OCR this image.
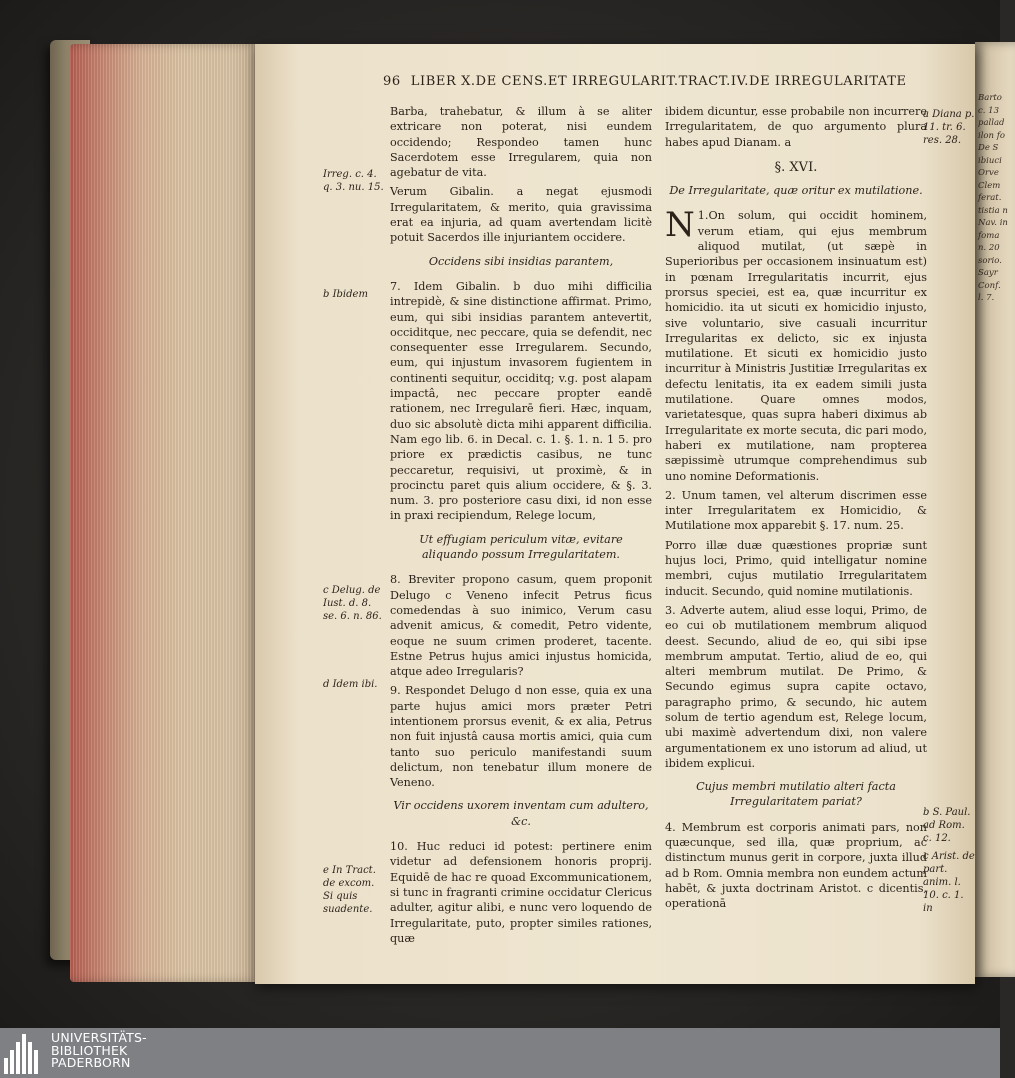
Barto c. 13 pallad ilon fo De S ibiuci Orve Clem ferat. tistia n Nav. in foma n. 20 sorio. Sayr Conf. l. 7.
96 LIBER X.DE CENS.ET IRREGULARIT.TRACT.IV.DE IRREGULARITATE

Barba, trahebatur, & illum à se aliter extricare non poterat, nisi eundem occidendo; Respondeo tamen hunc Sacerdotem esse Irregularem, quia non agebatur de vita.

Verum Gibalin. a negat ejusmodi Irregularitatem, & merito, quia gravissima erat ea injuria, ad quam avertendam licitè potuit Sacerdos ille injuriantem occidere.

Occidens sibi insidias parantem,

7. Idem Gibalin. b duo mihi difficilia intrepidè, & sine distinctione affirmat. Primo, eum, qui sibi insidias parantem antevertit, occiditque, nec peccare, quia se defendit, nec consequenter esse Irregularem. Secundo, eum, qui injustum invasorem fugientem in continenti sequitur, occiditq; v.g. post alapam impactâ, nec peccare propter eandē rationem, nec Irregularē fieri. Hæc, inquam, duo sic absolutè dicta mihi apparent difficilia. Nam ego lib. 6. in Decal. c. 1. §. 1. n. 1 5. pro priore ex prædictis casibus, ne tunc peccaretur, requisivi, ut proximè, & in procinctu paret quis alium occidere, & §. 3. num. 3. pro posteriore casu dixi, id non esse in praxi recipiendum, Relege locum,

Ut effugiam periculum vitæ, evitare aliquando possum Irregularitatem.

8. Breviter propono casum, quem proponit Delugo c Veneno infecit Petrus ficus comedendas à suo inimico, Verum casu advenit amicus, & comedit, Petro vidente, eoque ne suum crimen proderet, tacente. Estne Petrus hujus amici injustus homicida, atque adeo Irregularis?

9. Respondet Delugo d non esse, quia ex una parte hujus amici mors præter Petri intentionem prorsus evenit, & ex alia, Petrus non fuit injustâ causa mortis amici, quia cum tanto suo periculo manifestandi suum delictum, non tenebatur illum monere de Veneno.

Vir occidens uxorem inventam cum adultero, &c.

10. Huc reduci id potest: pertinere enim videtur ad defensionem honoris proprij. Equidē de hac re quoad Excommunicationem, si tunc in fragranti crimine occidatur Clericus adulter, agitur alibi, e nunc vero loquendo de Irregularitate, puto, propter similes rationes, quæ

ibidem dicuntur, esse probabile non incurrere Irregularitatem, de quo argumento plura habes apud Dianam. a

§. XVI.

De Irregularitate, quæ oritur ex mutilatione.

1.
N On solum, qui occidit hominem, verum etiam, qui ejus membrum aliquod mutilat, (ut sæpè in Superioribus per occasionem insinuatum est) in pœnam Irregularitatis incurrit, ejus prorsus speciei, est ea, quæ incurritur ex homicidio. ita ut sicuti ex homicidio injusto, sive voluntario, sive casuali incurritur Irregularitas ex delicto, sic ex injusta mutilatione. Et sicuti ex homicidio justo incurritur à Ministris Justitiæ Irregularitas ex defectu lenitatis, ita ex eadem simili justa mutilatione. Quare omnes modos, varietatesque, quas supra haberi diximus ab Irregularitate ex morte secuta, dic pari modo, haberi ex mutilatione, nam propterea sæpissimè utrumque comprehendimus sub uno nomine Deformationis.

2. Unum tamen, vel alterum discrimen esse inter Irregularitatem ex Homicidio, & Mutilatione mox apparebit §. 17. num. 25.

Porro illæ duæ quæstiones propriæ sunt hujus loci, Primo, quid intelligatur nomine membri, cujus mutilatio Irregularitatem inducit. Secundo, quid nomine mutilationis.

3. Adverte autem, aliud esse loqui, Primo, de eo cui ob mutilationem membrum aliquod deest. Secundo, aliud de eo, qui sibi ipse membrum amputat. Tertio, aliud de eo, qui alteri membrum mutilat. De Primo, & Secundo egimus supra capite octavo, paragrapho primo, & secundo, hic autem solum de tertio agendum est, Relege locum, ubi maximè advertendum dixi, non valere argumentationem ex uno istorum ad aliud, ut ibidem explicui.

Cujus membri mutilatio alteri facta Irregularitatem pariat?

4. Membrum est corporis animati pars, non quæcunque, sed illa, quæ proprium, ac distinctum munus gerit in corpore, juxta illud ad b Rom. Omnia membra non eundem actum habēt, & juxta doctrinam Aristot. c dicentis, operationā

Irreg. c. 4. q. 3. nu. 15.
b Ibidem
c Delug. de Iust. d. 8. se. 6. n. 86.
d Idem ibi.
e In Tract. de excom. Si quis suadente.
a Diana p. 11. tr. 6. res. 28.
b S. Paul. ad Rom. c. 12.
c Arist. de part. anim. l. 10. c. 1.
in
UNIVERSITÄTS-
BIBLIOTHEK
PADERBORN
